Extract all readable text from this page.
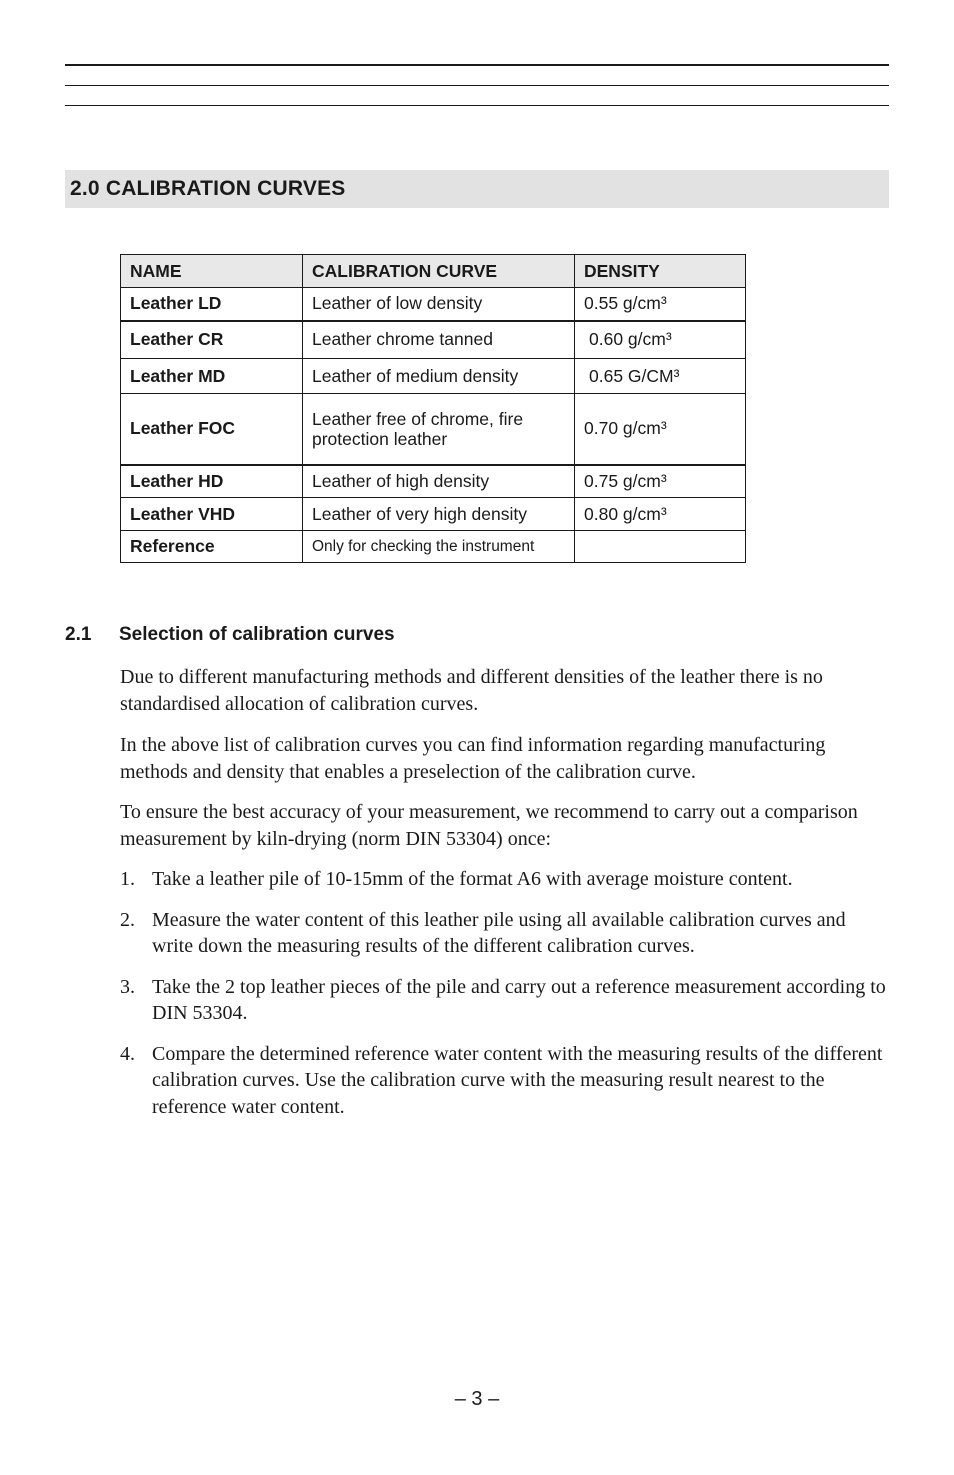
2.0 CALIBRATION CURVES
NAME	CALIBRATION CURVE	DENSITY
Leather LD	Leather of low density	0.55 g/cm³
Leather CR	Leather chrome tanned	0.60 g/cm³
Leather MD	Leather of medium density	0.65 G/CM³
Leather FOC	Leather free of chrome, fire protection leather	0.70 g/cm³
Leather HD	Leather of high density	0.75 g/cm³
Leather VHD	Leather of very high density	0.80 g/cm³
Reference	Only for checking the instrument	
2.1 Selection of calibration curves

Due to different manufacturing methods and different densities of the leather there is no standardised allocation of calibration curves.

In the above list of calibration curves you can find information regarding manufacturing methods and density that enables a preselection of the calibration curve.

To ensure the best accuracy of your measurement, we recommend to carry out a comparison measurement by kiln-drying (norm DIN 53304) once:

1. Take a leather pile of 10-15mm of the format A6 with average moisture content.
2. Measure the water content of this leather pile using all available calibration curves and write down the measuring results of the different calibration curves.
3. Take the 2 top leather pieces of the pile and carry out a reference measurement according to DIN 53304.
4. Compare the determined reference water content with the measuring results of the different calibration curves. Use the calibration curve with the measuring result nearest to the reference water content.
– 3 –
